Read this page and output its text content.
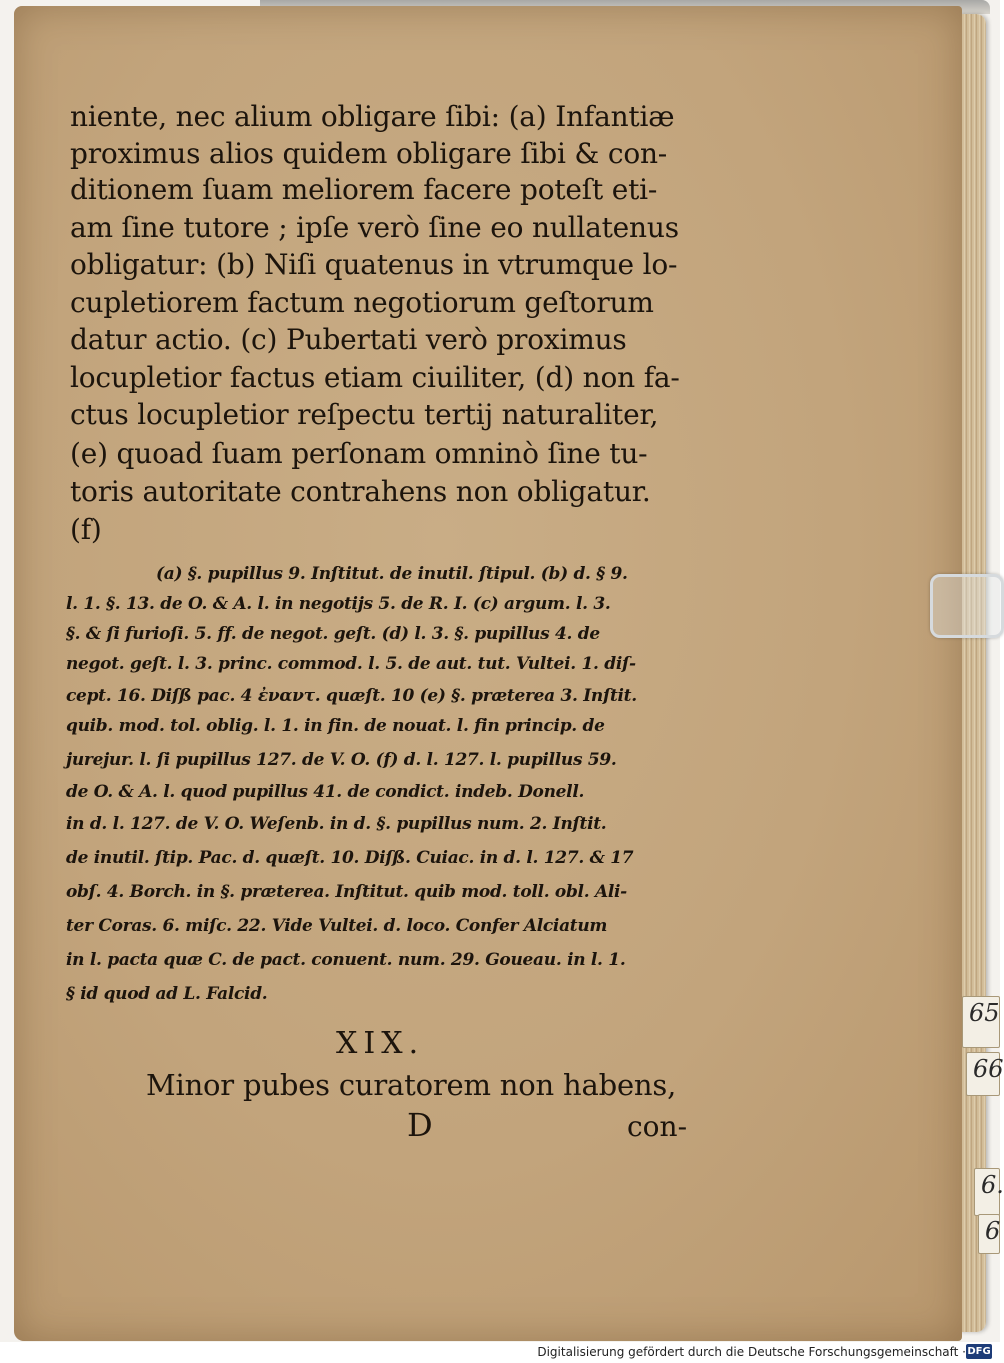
niente, nec alium obligare ſibi: (a) Infantiæ
proximus alios quidem obligare ſibi & con-
ditionem ſuam meliorem facere poteſt eti-
am ſine tutore ; ipſe verò ſine eo nullatenus
obligatur: (b) Niſi quatenus in vtrumque lo-
cupletiorem factum negotiorum geſtorum
datur actio. (c) Pubertati verò proximus
locupletior factus etiam ciuiliter, (d) non fa-
ctus locupletior reſpectu tertij naturaliter,
(e) quoad ſuam perſonam omninò ſine tu-
toris autoritate contrahens non obligatur.
(f)
(a) §. pupillus 9. Inſtitut. de inutil. ſtipul. (b) d. § 9.
l. 1. §. 13. de O. & A. l. in negotijs 5. de R. I. (c) argum. l. 3.
§. & ſi furioſi. 5. ff. de negot. geſt. (d) l. 3. §. pupillus 4. de
negot. geſt. l. 3. princ. commod. l. 5. de aut. tut. Vultei. 1. diſ-
cept. 16. Diſß pac. 4 ἐναντ. quæſt. 10 (e) §. præterea 3. Inſtit.
quib. mod. tol. oblig. l. 1. in fin. de nouat. l. fin princip. de
jurejur. l. ſi pupillus 127. de V. O. (f) d. l. 127. l. pupillus 59.
de O. & A. l. quod pupillus 41. de condict. indeb. Donell.
in d. l. 127. de V. O. Weſenb. in d. §. pupillus num. 2. Inſtit.
de inutil. ſtip. Pac. d. quæſt. 10. Diſß. Cuiac. in d. l. 127. & 17
obſ. 4. Borch. in §. præterea. Inſtitut. quib mod. toll. obl. Ali-
ter Coras. 6. miſc. 22. Vide Vultei. d. loco. Confer Alciatum
in l. pacta quæ C. de pact. conuent. num. 29. Goueau. in l. 1.
§ id quod ad L. Falcid.
XIX.
Minor pubes curatorem non habens,
D	con-
65
66
6.
6
Digitalisierung gefördert durch die Deutsche Forschungsgemeinschaft · DFG
